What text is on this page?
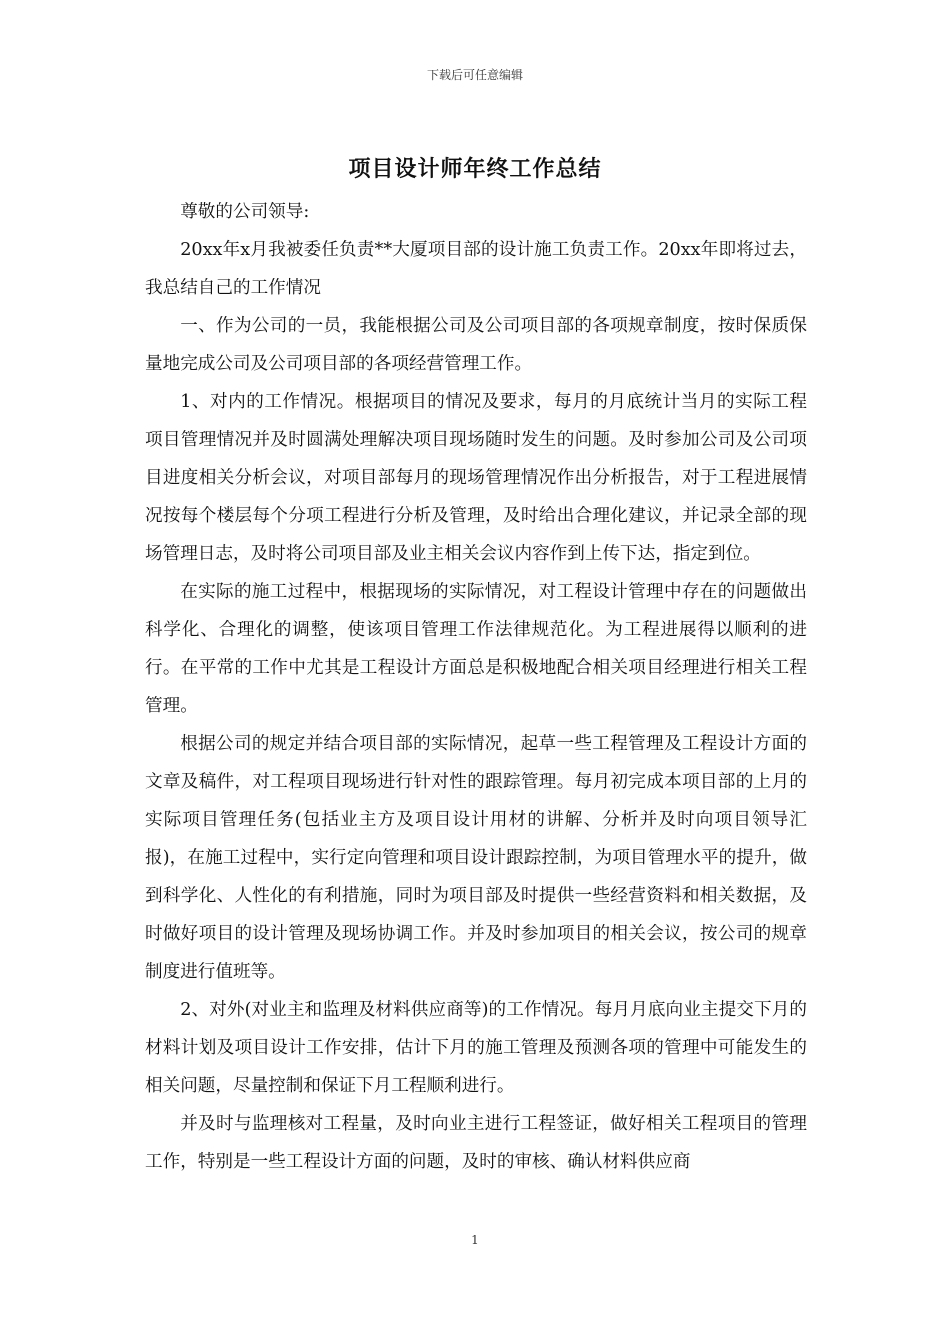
下载后可任意编辑
项目设计师年终工作总结

尊敬的公司领导:

20xx年x月我被委任负责**大厦项目部的设计施工负责工作。20xx年即将过去，我总结自己的工作情况

一、作为公司的一员，我能根据公司及公司项目部的各项规章制度，按时保质保量地完成公司及公司项目部的各项经营管理工作。

1、对内的工作情况。根据项目的情况及要求，每月的月底统计当月的实际工程项目管理情况并及时圆满处理解决项目现场随时发生的问题。及时参加公司及公司项目进度相关分析会议，对项目部每月的现场管理情况作出分析报告，对于工程进展情况按每个楼层每个分项工程进行分析及管理，及时给出合理化建议，并记录全部的现场管理日志，及时将公司项目部及业主相关会议内容作到上传下达，指定到位。

在实际的施工过程中，根据现场的实际情况，对工程设计管理中存在的问题做出科学化、合理化的调整，使该项目管理工作法律规范化。为工程进展得以顺利的进行。在平常的工作中尤其是工程设计方面总是积极地配合相关项目经理进行相关工程管理。

根据公司的规定并结合项目部的实际情况，起草一些工程管理及工程设计方面的文章及稿件，对工程项目现场进行针对性的跟踪管理。每月初完成本项目部的上月的实际项目管理任务(包括业主方及项目设计用材的讲解、分析并及时向项目领导汇报)，在施工过程中，实行定向管理和项目设计跟踪控制，为项目管理水平的提升，做到科学化、人性化的有利措施，同时为项目部及时提供一些经营资料和相关数据，及时做好项目的设计管理及现场协调工作。并及时参加项目的相关会议，按公司的规章制度进行值班等。

2、对外(对业主和监理及材料供应商等)的工作情况。每月月底向业主提交下月的材料计划及项目设计工作安排，估计下月的施工管理及预测各项的管理中可能发生的相关问题，尽量控制和保证下月工程顺利进行。

并及时与监理核对工程量，及时向业主进行工程签证，做好相关工程项目的管理工作，特别是一些工程设计方面的问题，及时的审核、确认材料供应商

1
